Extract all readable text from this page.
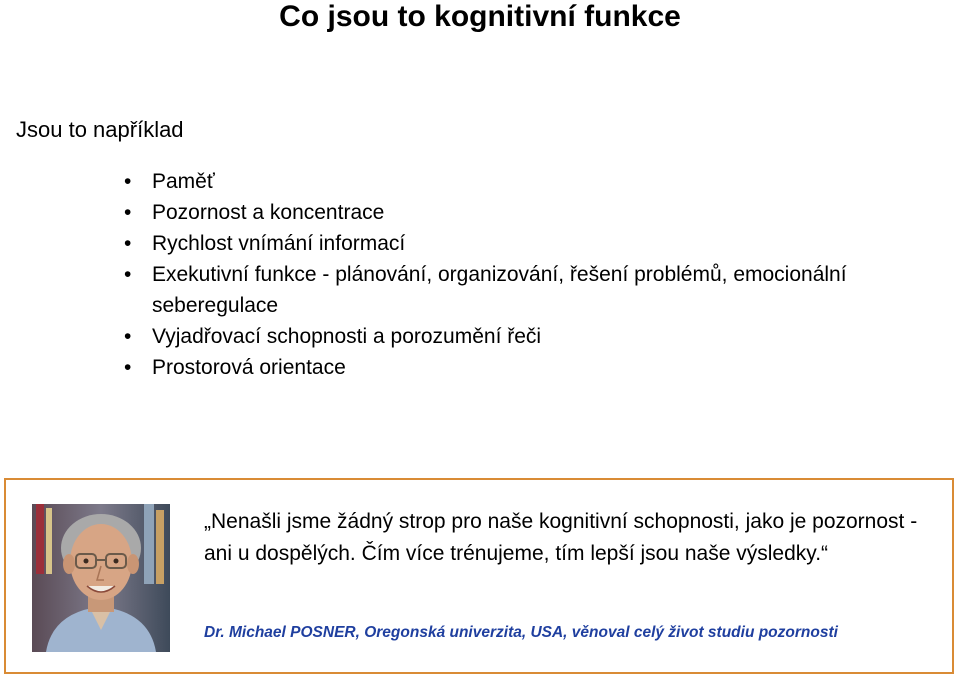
Co jsou to kognitivní funkce
Jsou to například
• Paměť
• Pozornost a koncentrace
• Rychlost vnímání informací
• Exekutivní funkce - plánování, organizování, řešení problémů, emocionální seberegulace
• Vyjadřovací schopnosti a porozumění řeči
• Prostorová orientace
„Nenašli jsme žádný strop pro naše kognitivní schopnosti, jako je pozornost - ani u dospělých. Čím více trénujeme, tím lepší jsou naše výsledky.“
Dr. Michael POSNER, Oregonská univerzita, USA, věnoval celý život studiu pozornosti
